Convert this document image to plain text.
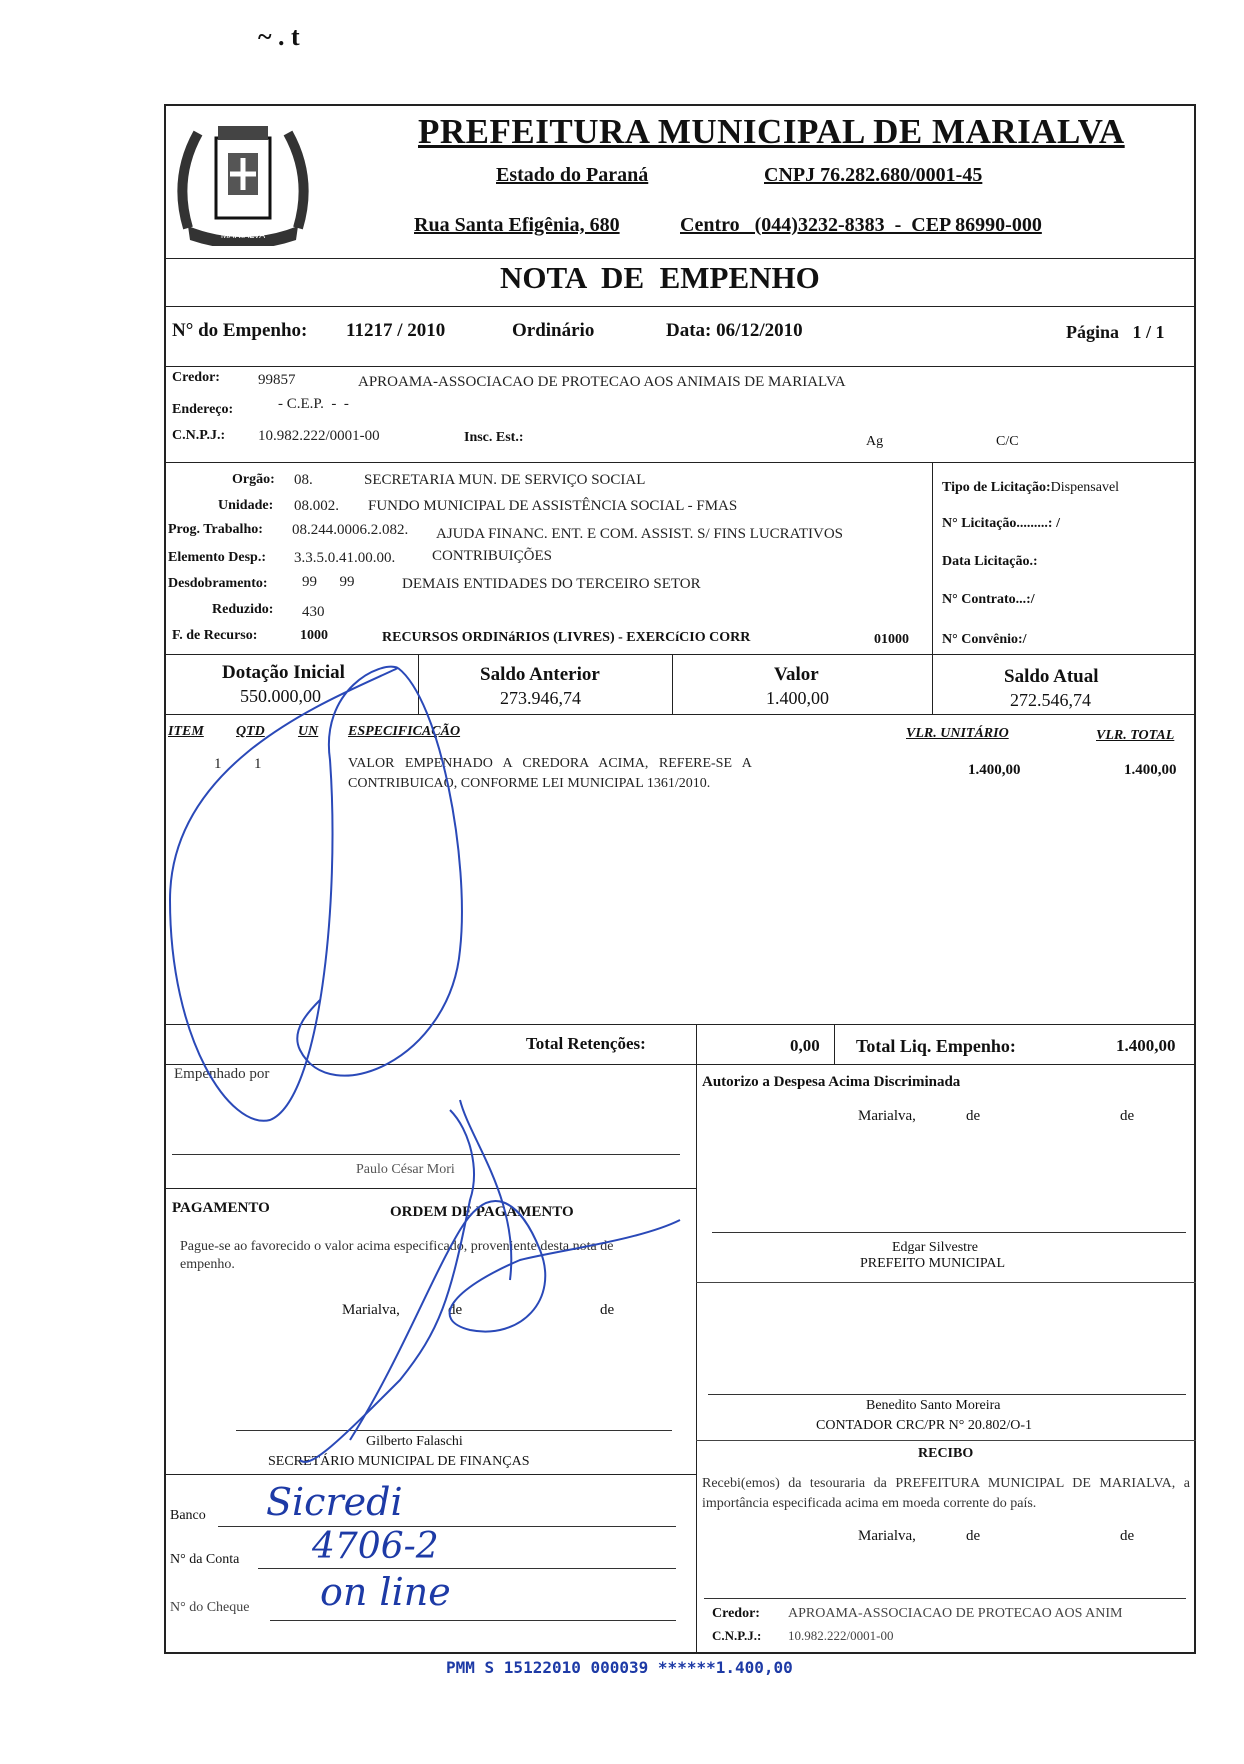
~ . t
MARIALVA
PREFEITURA MUNICIPAL DE MARIALVA
Estado do Paraná	CNPJ 76.282.680/0001-45
Rua Santa Efigênia, 680	Centro   (044)3232-8383  -  CEP 86990-000
NOTA  DE  EMPENHO
N° do Empenho: 11217 / 2010	Ordinário	Data: 06/12/2010	Página   1 / 1
Credor:	99857	APROAMA-ASSOCIACAO DE PROTECAO AOS ANIMAIS DE MARIALVA
Endereço:	- C.E.P.  -  -
C.N.P.J.: 10.982.222/0001-00	Insc. Est.:	Ag	C/C
Orgão: 08.	SECRETARIA MUN. DE SERVIÇO SOCIAL
Unidade: 08.002. FUNDO MUNICIPAL DE ASSISTÊNCIA SOCIAL - FMAS
Prog. Trabalho: 08.244.0006.2.082. AJUDA FINANC. ENT. E COM. ASSIST. S/ FINS LUCRATIVOS
Elemento Desp.: 3.3.5.0.41.00.00. CONTRIBUIÇÕES
Desdobramento: 99      99	DEMAIS ENTIDADES DO TERCEIRO SETOR
Reduzido: 430
F. de Recurso:	1000	RECURSOS ORDINáRIOS (LIVRES) - EXERCíCIO CORR	01000
Tipo de Licitação:Dispensavel
N° Licitação.........: /
Data Licitação.:
N° Contrato...:/
N° Convênio:/
Dotação Inicial
550.000,00
Saldo Anterior
273.946,74
Valor
1.400,00
Saldo Atual
272.546,74
ITEM QTD UN ESPECIFICAÇÃO	VLR. UNITÁRIO	VLR. TOTAL
1 1	VALOR   EMPENHADO   A   CREDORA   ACIMA,   REFERE-SE   A
CONTRIBUICAO, CONFORME LEI MUNICIPAL 1361/2010.
1.400,00	1.400,00
Total Retenções:	0,00 Total Liq. Empenho:	1.400,00
Empenhado por
Paulo César Mori
PAGAMENTO	ORDEM DE PAGAMENTO
Pague-se ao favorecido o valor acima especificado, proveniente desta nota de empenho.
Marialva,	de	de
Gilberto Falaschi
SECRETÁRIO MUNICIPAL DE FINANÇAS
Banco Sicredi
N° da Conta 4706-2
N° do Cheque on line
Autorizo a Despesa Acima Discriminada
Marialva,	de	de
Edgar Silvestre
PREFEITO MUNICIPAL
Benedito Santo Moreira
CONTADOR CRC/PR N° 20.802/O-1
RECIBO
Recebi(emos) da tesouraria da PREFEITURA MUNICIPAL DE MARIALVA, a importância especificada acima em moeda corrente do país.
Marialva,	de	de
Credor: APROAMA-ASSOCIACAO DE PROTECAO AOS ANIM
C.N.P.J.: 10.982.222/0001-00
PMM S 15122010 000039 ******1.400,00
